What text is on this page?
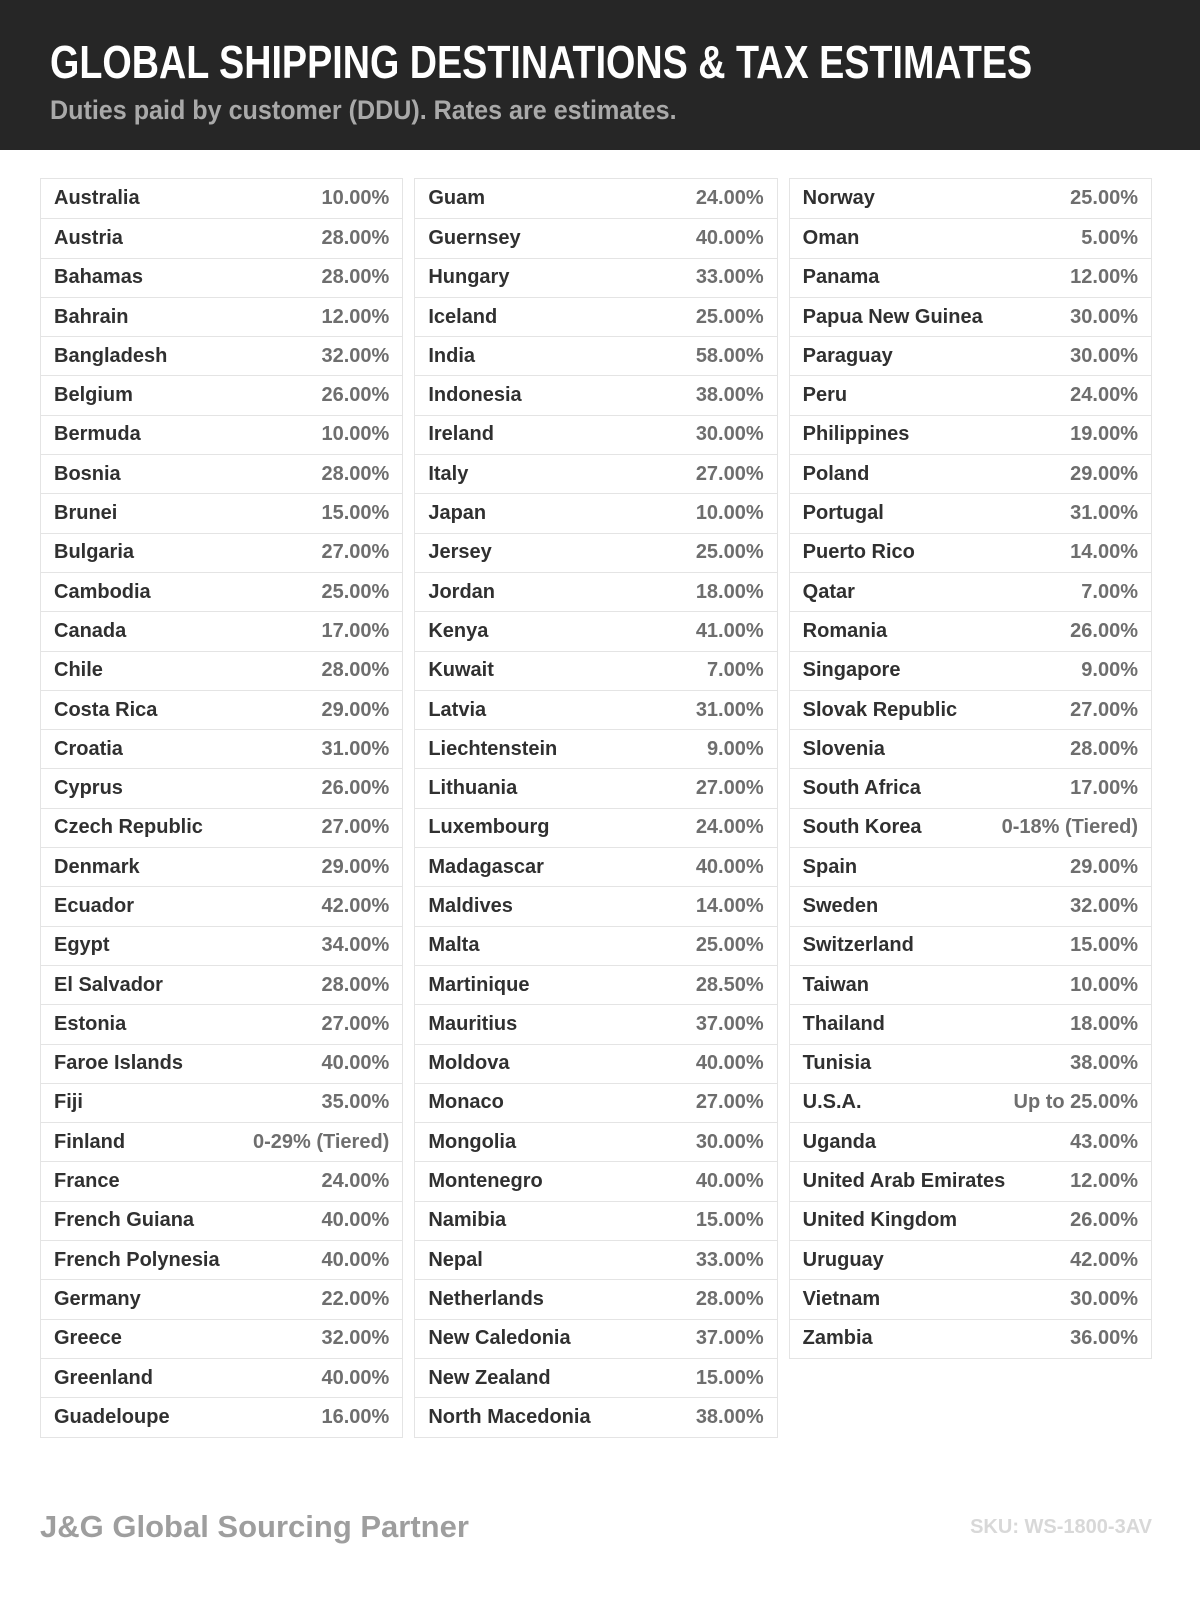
GLOBAL SHIPPING DESTINATIONS & TAX ESTIMATES
Duties paid by customer (DDU). Rates are estimates.
Australia	10.00%
Austria	28.00%
Bahamas	28.00%
Bahrain	12.00%
Bangladesh	32.00%
Belgium	26.00%
Bermuda	10.00%
Bosnia	28.00%
Brunei	15.00%
Bulgaria	27.00%
Cambodia	25.00%
Canada	17.00%
Chile	28.00%
Costa Rica	29.00%
Croatia	31.00%
Cyprus	26.00%
Czech Republic	27.00%
Denmark	29.00%
Ecuador	42.00%
Egypt	34.00%
El Salvador	28.00%
Estonia	27.00%
Faroe Islands	40.00%
Fiji	35.00%
Finland	0-29% (Tiered)
France	24.00%
French Guiana	40.00%
French Polynesia	40.00%
Germany	22.00%
Greece	32.00%
Greenland	40.00%
Guadeloupe	16.00%
Guam	24.00%
Guernsey	40.00%
Hungary	33.00%
Iceland	25.00%
India	58.00%
Indonesia	38.00%
Ireland	30.00%
Italy	27.00%
Japan	10.00%
Jersey	25.00%
Jordan	18.00%
Kenya	41.00%
Kuwait	7.00%
Latvia	31.00%
Liechtenstein	9.00%
Lithuania	27.00%
Luxembourg	24.00%
Madagascar	40.00%
Maldives	14.00%
Malta	25.00%
Martinique	28.50%
Mauritius	37.00%
Moldova	40.00%
Monaco	27.00%
Mongolia	30.00%
Montenegro	40.00%
Namibia	15.00%
Nepal	33.00%
Netherlands	28.00%
New Caledonia	37.00%
New Zealand	15.00%
North Macedonia	38.00%
Norway	25.00%
Oman	5.00%
Panama	12.00%
Papua New Guinea	30.00%
Paraguay	30.00%
Peru	24.00%
Philippines	19.00%
Poland	29.00%
Portugal	31.00%
Puerto Rico	14.00%
Qatar	7.00%
Romania	26.00%
Singapore	9.00%
Slovak Republic	27.00%
Slovenia	28.00%
South Africa	17.00%
South Korea	0-18% (Tiered)
Spain	29.00%
Sweden	32.00%
Switzerland	15.00%
Taiwan	10.00%
Thailand	18.00%
Tunisia	38.00%
U.S.A.	Up to 25.00%
Uganda	43.00%
United Arab Emirates	12.00%
United Kingdom	26.00%
Uruguay	42.00%
Vietnam	30.00%
Zambia	36.00%
J&G Global Sourcing Partner	SKU: WS-1800-3AV
